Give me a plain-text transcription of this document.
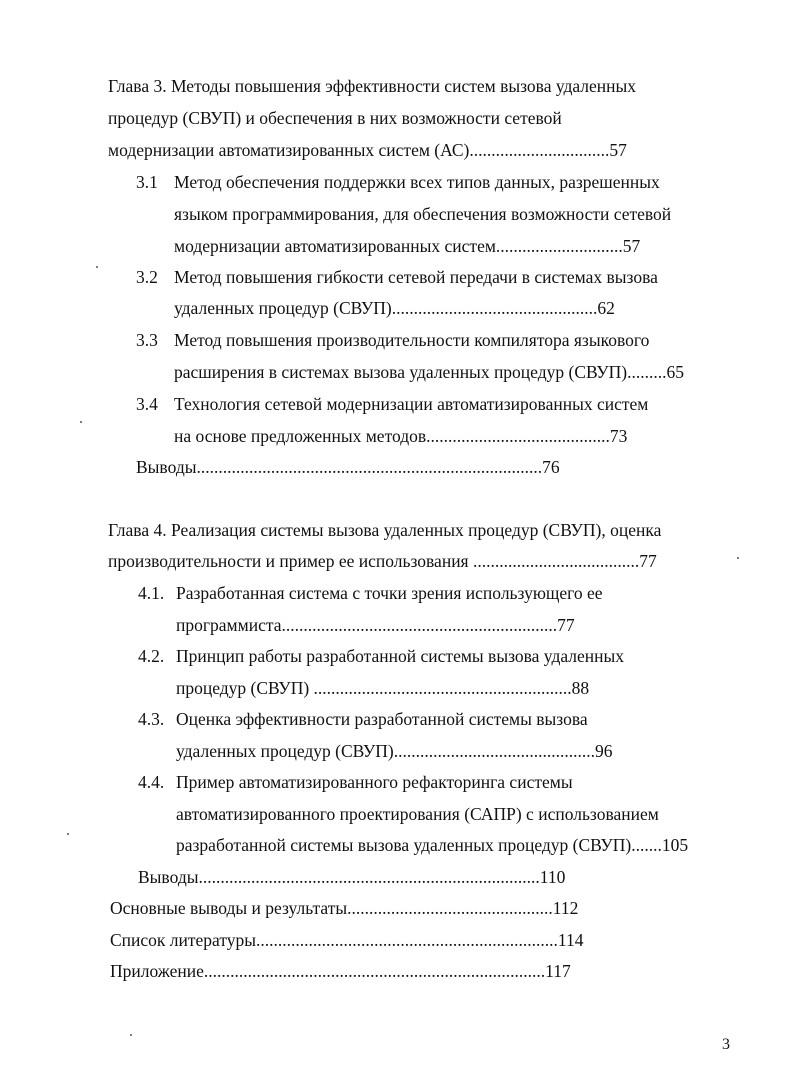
Глава 3. Методы повышения эффективности систем вызова удаленных
процедур (СВУП) и обеспечения в них возможности сетевой
модернизации автоматизированных систем (АС)................................57
3.1 Метод обеспечения поддержки всех типов данных, разрешенных
языком программирования, для обеспечения возможности сетевой
модернизации автоматизированных систем.............................57
3.2 Метод повышения гибкости сетевой передачи в системах вызова
удаленных процедур (СВУП)...............................................62
3.3 Метод повышения производительности компилятора языкового
расширения в системах вызова удаленных процедур (СВУП).........65
3.4 Технология сетевой модернизации автоматизированных систем
на основе предложенных методов..........................................73
Выводы...............................................................................76
Глава 4. Реализация системы вызова удаленных процедур (СВУП), оценка
производительности и пример ее использования ......................................77
4.1. Разработанная система с точки зрения использующего ее
программиста...............................................................77
4.2. Принцип работы разработанной системы вызова удаленных
процедур (СВУП) ...........................................................88
4.3. Оценка эффективности разработанной системы вызова
удаленных процедур (СВУП)..............................................96
4.4. Пример автоматизированного рефакторинга системы
автоматизированного проектирования (САПР) с использованием
разработанной системы вызова удаленных процедур (СВУП).......105
Выводы..............................................................................110
Основные выводы и результаты...............................................112
Список литературы.....................................................................114
Приложение..............................................................................117
3
